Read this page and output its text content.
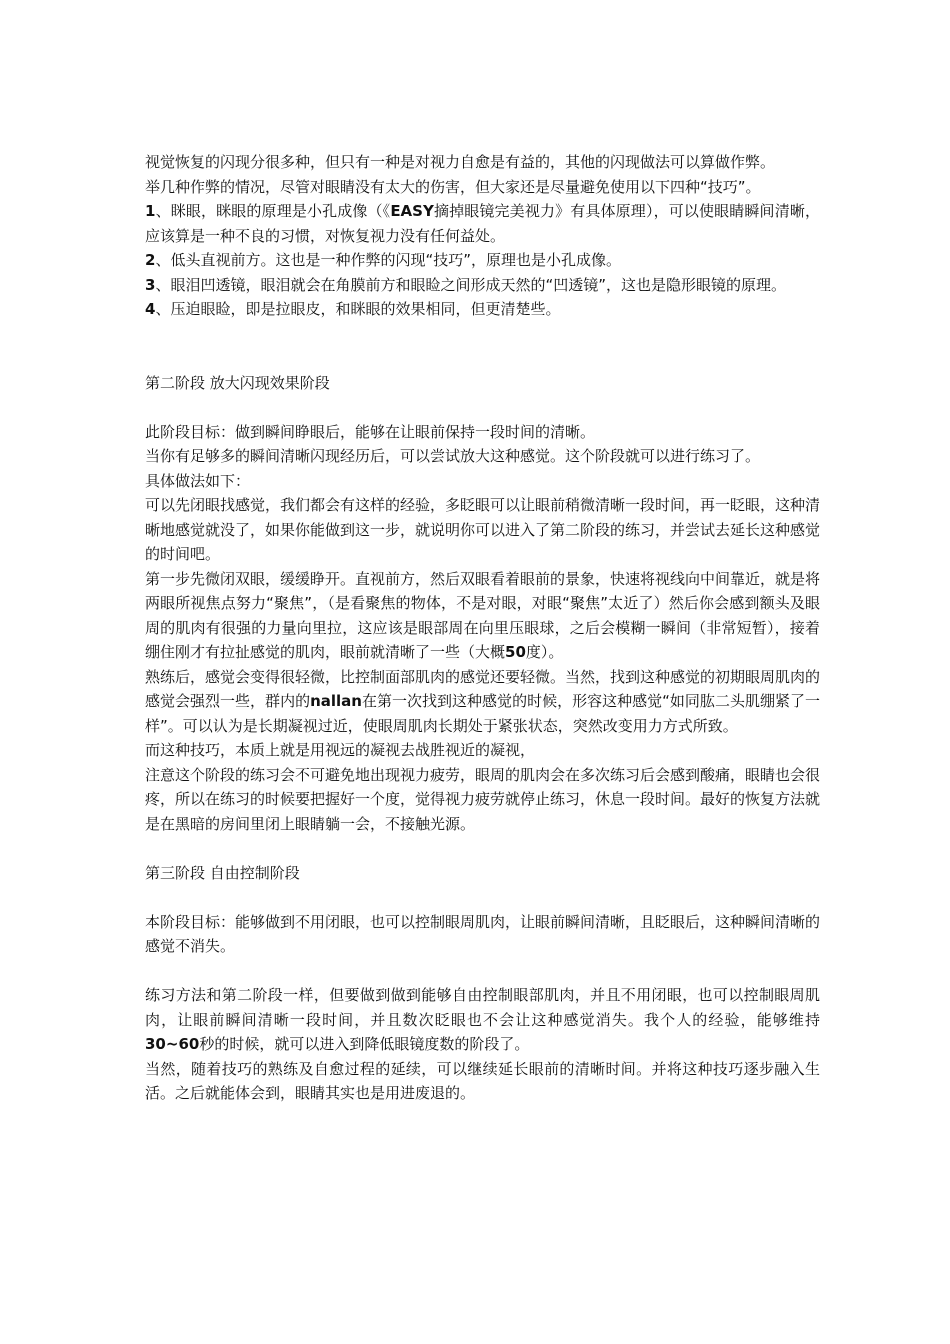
视觉恢复的闪现分很多种，但只有一种是对视力自愈是有益的，其他的闪现做法可以算做作弊。

举几种作弊的情况，尽管对眼睛没有太大的伤害，但大家还是尽量避免使用以下四种“技巧”。

1、眯眼，眯眼的原理是小孔成像（《EASY摘掉眼镜完美视力》有具体原理），可以使眼睛瞬间清晰，应该算是一种不良的习惯，对恢复视力没有任何益处。

2、低头直视前方。这也是一种作弊的闪现“技巧”，原理也是小孔成像。

3、眼泪凹透镜，眼泪就会在角膜前方和眼睑之间形成天然的“凹透镜”，这也是隐形眼镜的原理。

4、压迫眼睑，即是拉眼皮，和眯眼的效果相同，但更清楚些。

第二阶段 放大闪现效果阶段

此阶段目标：做到瞬间睁眼后，能够在让眼前保持一段时间的清晰。

当你有足够多的瞬间清晰闪现经历后，可以尝试放大这种感觉。这个阶段就可以进行练习了。

具体做法如下：

可以先闭眼找感觉，我们都会有这样的经验，多眨眼可以让眼前稍微清晰一段时间，再一眨眼，这种清晰地感觉就没了，如果你能做到这一步，就说明你可以进入了第二阶段的练习，并尝试去延长这种感觉的时间吧。

第一步先微闭双眼，缓缓睁开。直视前方，然后双眼看着眼前的景象，快速将视线向中间靠近，就是将两眼所视焦点努力“聚焦”，（是看聚焦的物体，不是对眼，对眼“聚焦”太近了）然后你会感到额头及眼周的肌肉有很强的力量向里拉，这应该是眼部周在向里压眼球，之后会模糊一瞬间（非常短暂），接着绷住刚才有拉扯感觉的肌肉，眼前就清晰了一些（大概50度）。

熟练后，感觉会变得很轻微，比控制面部肌肉的感觉还要轻微。当然，找到这种感觉的初期眼周肌肉的感觉会强烈一些，群内的nallan在第一次找到这种感觉的时候，形容这种感觉“如同肱二头肌绷紧了一样”。可以认为是长期凝视过近，使眼周肌肉长期处于紧张状态，突然改变用力方式所致。

而这种技巧，本质上就是用视远的凝视去战胜视近的凝视，

注意这个阶段的练习会不可避免地出现视力疲劳，眼周的肌肉会在多次练习后会感到酸痛，眼睛也会很疼，所以在练习的时候要把握好一个度，觉得视力疲劳就停止练习，休息一段时间。最好的恢复方法就是在黑暗的房间里闭上眼睛躺一会，不接触光源。

第三阶段 自由控制阶段

本阶段目标：能够做到不用闭眼，也可以控制眼周肌肉，让眼前瞬间清晰，且眨眼后，这种瞬间清晰的感觉不消失。

练习方法和第二阶段一样，但要做到做到能够自由控制眼部肌肉，并且不用闭眼，也可以控制眼周肌肉，让眼前瞬间清晰一段时间，并且数次眨眼也不会让这种感觉消失。我个人的经验，能够维持30~60秒的时候，就可以进入到降低眼镜度数的阶段了。

当然，随着技巧的熟练及自愈过程的延续，可以继续延长眼前的清晰时间。并将这种技巧逐步融入生活。之后就能体会到，眼睛其实也是用进废退的。
